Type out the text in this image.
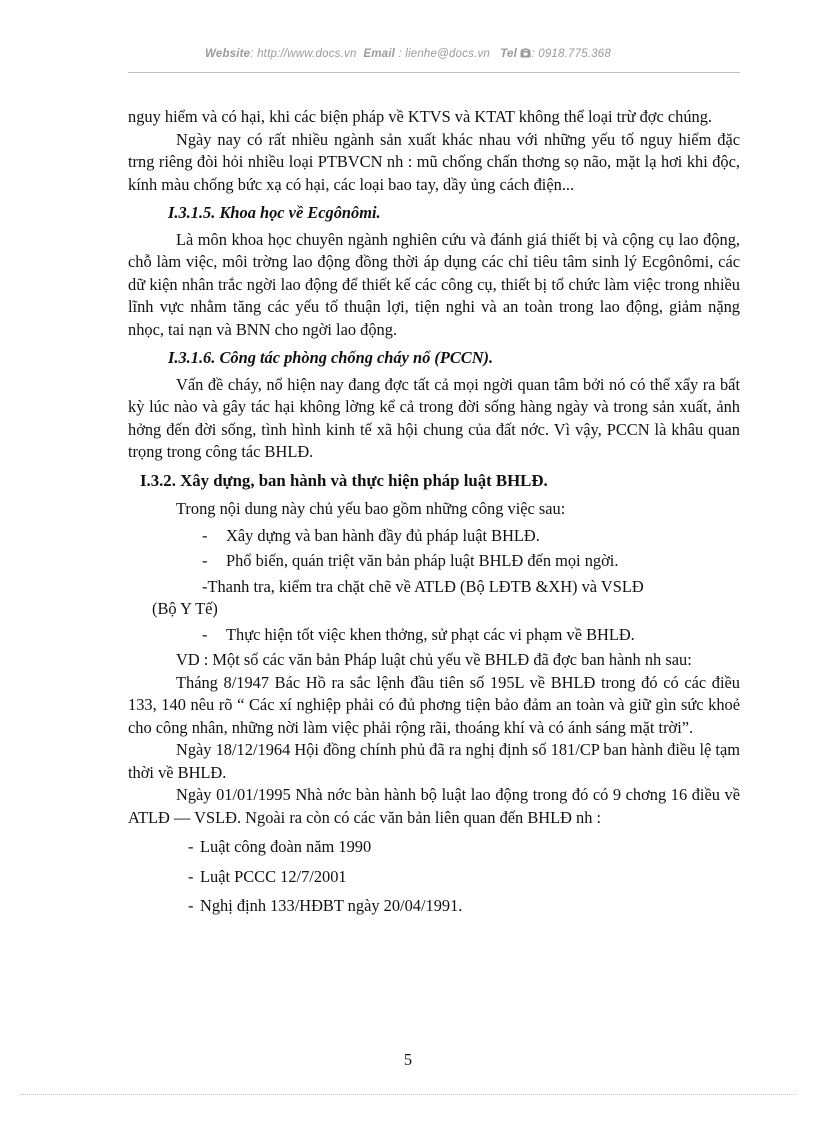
Website: http://www.docs.vn Email : lienhe@docs.vn Tel : 0918.775.368

nguy hiểm và có hại, khi các biện pháp về KTVS và KTAT không thể loại trừ đợc chúng.

Ngày nay có rất nhiều ngành sản xuất khác nhau với những yếu tố nguy hiểm đặc trng riêng đòi hỏi nhiều loại PTBVCN nh : mũ chống chấn thơng sọ não, mặt lạ hơi khi độc, kính màu chống bức xạ có hại, các loại bao tay, dầy ủng cách điện...

I.3.1.5. Khoa học về Ecgônômi.

Là môn khoa học chuyên ngành nghiên cứu và đánh giá thiết bị và cộng cụ lao động, chỗ làm việc, môi trờng lao động đồng thời áp dụng các chỉ tiêu tâm sinh lý Ecgônômi, các dữ kiện nhân trắc ngời lao động để thiết kế các công cụ, thiết bị tổ chức làm việc trong nhiều lĩnh vực nhằm tăng các yếu tố thuận lợi, tiện nghi và an toàn trong lao động, giảm nặng nhọc, tai nạn và BNN cho ngời lao động.

I.3.1.6. Công tác phòng chống cháy nổ (PCCN).

Vấn đề cháy, nổ hiện nay đang đợc tất cả mọi ngời quan tâm bởi nó có thể xẩy ra bất kỳ lúc nào và gây tác hại không lờng kể cả trong đời sống hàng ngày và trong sản xuất, ảnh hởng đến đời sống, tình hình kinh tế xã hội chung của đất nớc. Vì vậy, PCCN là khâu quan trọng trong công tác BHLĐ.

I.3.2. Xây dựng, ban hành và thực hiện pháp luật BHLĐ.

Trong nội dung này chủ yếu bao gồm những công việc sau:

- Xây dựng và ban hành đầy đủ pháp luật BHLĐ.

- Phổ biến, quán triệt văn bản pháp luật BHLĐ đến mọi ngời.

-Thanh tra, kiểm tra chặt chẽ về ATLĐ (Bộ LĐTB &XH) và VSLĐ

(Bộ Y Tế)

- Thực hiện tốt việc khen thởng, sử phạt các vi phạm về BHLĐ.

VD : Một số các văn bản Pháp luật chủ yếu về BHLĐ đã đợc ban hành nh sau:

Tháng 8/1947 Bác Hồ ra sắc lệnh đầu tiên số 195L về BHLĐ trong đó có các điều 133, 140 nêu rõ “ Các xí nghiệp phải có đủ phơng tiện bảo đảm an toàn và giữ gìn sức khoẻ cho công nhân, những nời làm việc phải rộng rãi, thoáng khí và có ánh sáng mặt trời”.

Ngày 18/12/1964 Hội đồng chính phủ đã ra nghị định số 181/CP ban hành điều lệ tạm thời về BHLĐ.

Ngày 01/01/1995 Nhà nớc bàn hành bộ luật lao động trong đó có 9 chơng 16 điều về ATLĐ — VSLĐ. Ngoài ra còn có các văn bản liên quan đến BHLĐ nh :

- Luật công đoàn năm 1990

- Luật PCCC 12/7/2001

- Nghị định 133/HĐBT ngày 20/04/1991.

5
